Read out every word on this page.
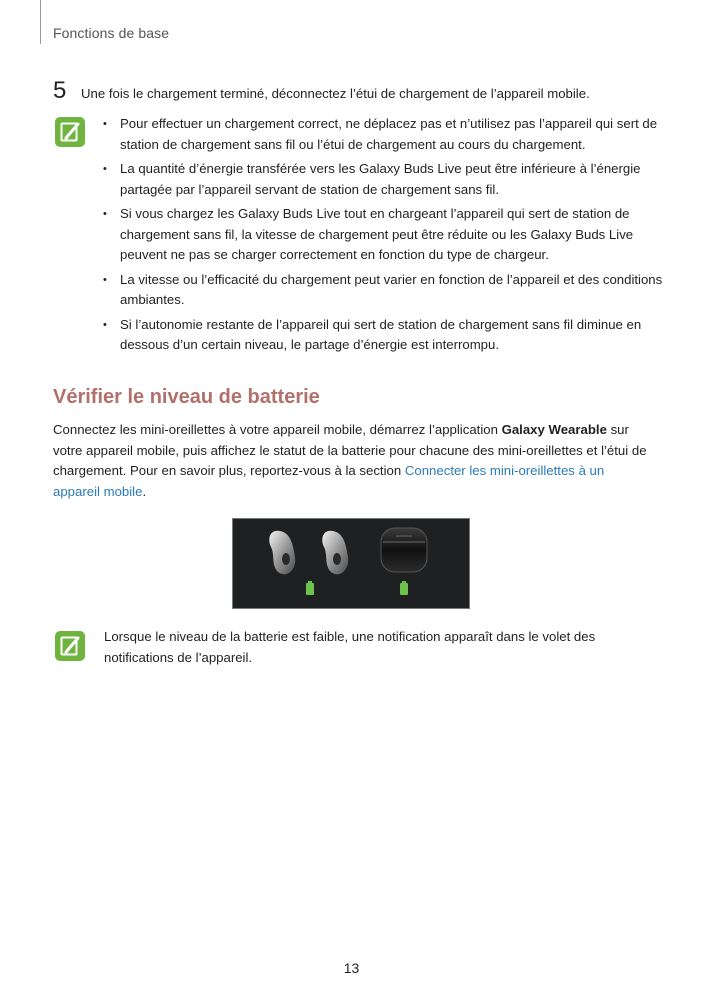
Fonctions de base
5 Une fois le chargement terminé, déconnectez l’étui de chargement de l’appareil mobile.
• Pour effectuer un chargement correct, ne déplacez pas et n’utilisez pas l’appareil qui sert de station de chargement sans fil ou l’étui de chargement au cours du chargement.
• La quantité d’énergie transférée vers les Galaxy Buds Live peut être inférieure à l’énergie partagée par l’appareil servant de station de chargement sans fil.
• Si vous chargez les Galaxy Buds Live tout en chargeant l’appareil qui sert de station de chargement sans fil, la vitesse de chargement peut être réduite ou les Galaxy Buds Live peuvent ne pas se charger correctement en fonction du type de chargeur.
• La vitesse ou l’efficacité du chargement peut varier en fonction de l’appareil et des conditions ambiantes.
• Si l’autonomie restante de l’appareil qui sert de station de chargement sans fil diminue en dessous d’un certain niveau, le partage d’énergie est interrompu.
Vérifier le niveau de batterie
Connectez les mini-oreillettes à votre appareil mobile, démarrez l’application Galaxy Wearable sur votre appareil mobile, puis affichez le statut de la batterie pour chacune des mini-oreillettes et l’étui de chargement. Pour en savoir plus, reportez-vous à la section Connecter les mini-oreillettes à un appareil mobile.
Lorsque le niveau de la batterie est faible, une notification apparaît dans le volet des notifications de l’appareil.
13
